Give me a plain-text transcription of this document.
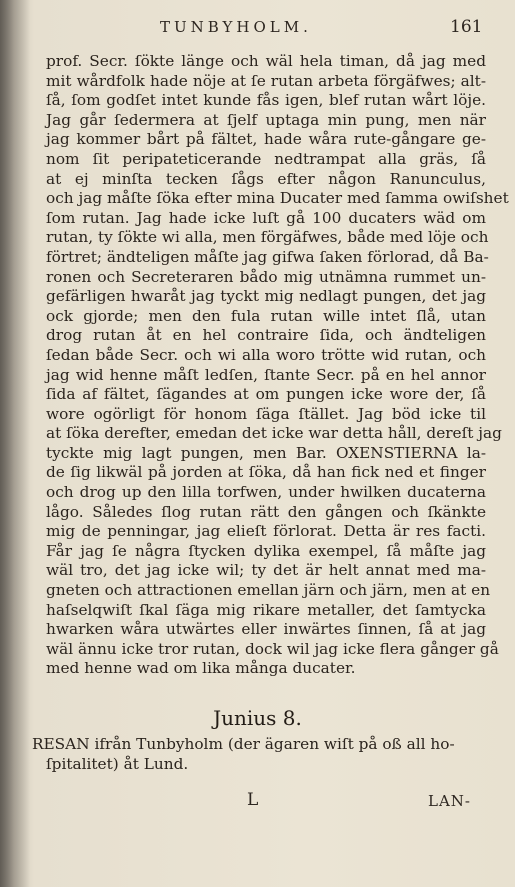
TUNBYHOLM.	161
prof. Secr. ſökte länge och wäl hela timan, då jag med
mit wårdfolk hade nöje at ſe rutan arbeta förgäfwes; alt-
ſå, ſom godſet intet kunde fås igen, blef rutan wårt löje.
Jag går ſedermera at ſjelf uptaga min pung, men när
jag kommer bårt på fältet, hade wåra rute-gångare ge-
nom ſit peripateticerande nedtrampat alla gräs, ſå
at ej minſta tecken ſågs efter någon Ranunculus,
och jag måſte ſöka efter mina Ducater med ſamma owiſshet
ſom rutan. Jag hade icke luſt gå 100 ducaters wäd om
rutan, ty ſökte wi alla, men förgäfwes, både med löje och
förtret; ändteligen måſte jag gifwa ſaken förlorad, då Ba-
ronen och Secreteraren bådo mig utnämna rummet un-
gefärligen hwaråt jag tyckt mig nedlagt pungen, det jag
ock gjorde; men den fula rutan wille intet ſlå, utan
drog rutan åt en hel contraire ſida, och ändteligen
ſedan både Secr. och wi alla woro trötte wid rutan, och
jag wid henne måſt ledſen, ſtante Secr. på en hel annor
ſida af fältet, ſägandes at om pungen icke wore der, ſå
wore ogörligt för honom ſäga ſtället. Jag böd icke til
at ſöka derefter, emedan det icke war detta håll, dereſt jag
tyckte mig lagt pungen, men Bar. OXENSTIERNA la-
de ſig likwäl på jorden at ſöka, då han fick ned et finger
och drog up den lilla torfwen, under hwilken ducaterna
lågo. Således ſlog rutan rätt den gången och ſkänkte
mig de penningar, jag elieſt förlorat. Detta är res facti.
Får jag ſe några ſtycken dylika exempel, ſå måſte jag
wäl tro, det jag icke wil; ty det är helt annat med ma-
gneten och attractionen emellan järn och järn, men at en
haſselqwiſt ſkal ſäga mig rikare metaller, det ſamtycka
hwarken wåra utwärtes eller inwärtes ſinnen, ſå at jag
wäl ännu icke tror rutan, dock wil jag icke flera gånger gå
med henne wad om lika många ducater.
Junius 8.
RESAN ifrån Tunbyholm (der ägaren wiſt på oß all ho-
ſpitalitet) åt Lund.
L	LAN-
